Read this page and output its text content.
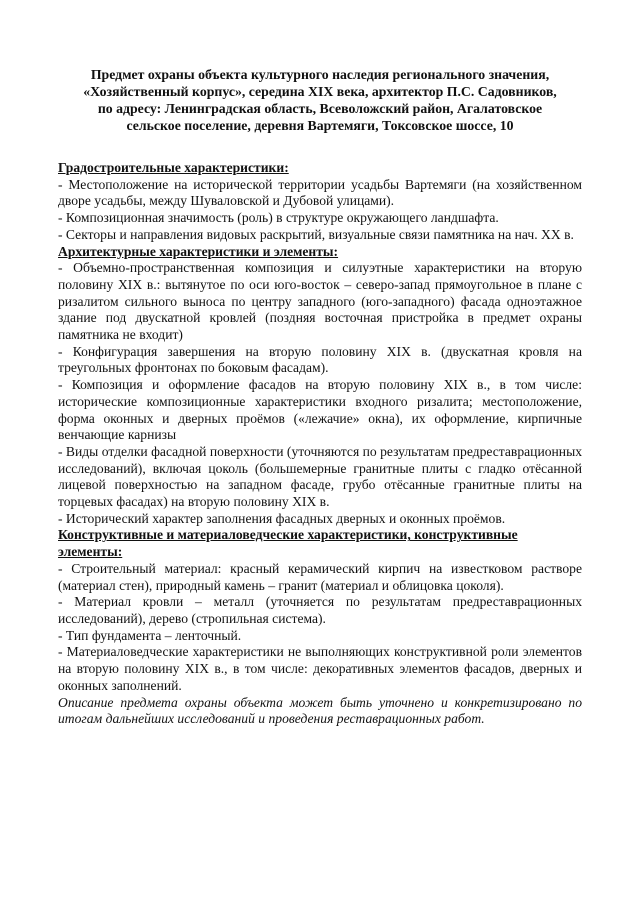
Предмет охраны объекта культурного наследия регионального значения,
«Хозяйственный корпус», середина XIX века, архитектор П.С. Садовников,
по адресу: Ленинградская область, Всеволожский район, Агалатовское
сельское поселение, деревня Вартемяги, Токсовское шоссе, 10

Градостроительные характеристики:

- Местоположение на исторической территории усадьбы Вартемяги (на хозяйственном дворе усадьбы, между Шуваловской и Дубовой улицами).

- Композиционная значимость (роль) в структуре окружающего ландшафта.

- Секторы и направления видовых раскрытий, визуальные связи памятника на нач. XX в.

Архитектурные характеристики и элементы:

- Объемно-пространственная композиция и силуэтные характеристики на вторую половину XIX в.: вытянутое по оси юго-восток – северо-запад прямоугольное в плане с ризалитом сильного выноса по центру западного (юго-западного) фасада одноэтажное здание под двускатной кровлей (поздняя восточная пристройка в предмет охраны памятника не входит)

- Конфигурация завершения на вторую половину XIX в. (двускатная кровля на треугольных фронтонах по боковым фасадам).

- Композиция и оформление фасадов на вторую половину XIX в., в том числе: исторические композиционные характеристики входного ризалита; местоположение, форма оконных и дверных проёмов («лежачие» окна), их оформление, кирпичные венчающие карнизы

- Виды отделки фасадной поверхности (уточняются по результатам предреставрационных исследований), включая цоколь (большемерные гранитные плиты с гладко отёсанной лицевой поверхностью на западном фасаде, грубо отёсанные гранитные плиты на торцевых фасадах) на вторую половину XIX в.

- Исторический характер заполнения фасадных дверных и оконных проёмов.

Конструктивные и материаловедческие характеристики, конструктивные элементы:

- Строительный материал: красный керамический кирпич на известковом растворе (материал стен), природный камень – гранит (материал и облицовка цоколя).

- Материал кровли – металл (уточняется по результатам предреставрационных исследований), дерево (стропильная система).

- Тип фундамента – ленточный.

- Материаловедческие характеристики не выполняющих конструктивной роли элементов на вторую половину XIX в., в том числе: декоративных элементов фасадов, дверных и оконных заполнений.

Описание предмета охраны объекта может быть уточнено и конкретизировано по итогам дальнейших исследований и проведения реставрационных работ.
